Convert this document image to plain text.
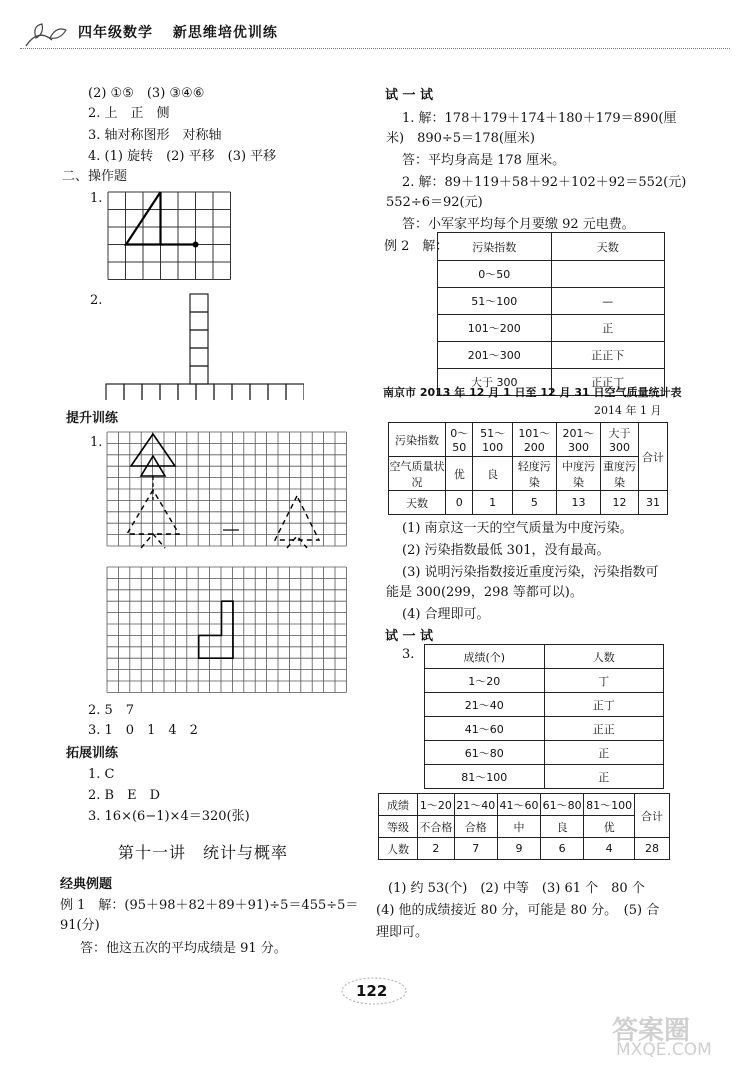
四年级数学 新思维培优训练
(2) ①⑤　(3) ③④⑥
2. 上　正　侧
3. 轴对称图形　对称轴
4. (1) 旋转　(2) 平移　(3) 平移
二、操作题
1.
2.
提升训练
1.
2. 5　7
3. 1　0　1　4　2
拓展训练
1. C
2. B　E　D
3. 16×(6−1)×4＝320(张)
第十一讲　统计与概率
经典例题
例 1　解：(95＋98＋82＋89＋91)÷5＝455÷5＝
91(分)
答：他这五次的平均成绩是 91 分。
试 一 试
1. 解：178＋179＋174＋180＋179＝890(厘
米)　890÷5＝178(厘米)
答：平均身高是 178 厘米。
2. 解：89＋119＋58＋92＋102＋92＝552(元)
552÷6＝92(元)
答：小军家平均每个月要缴 92 元电费。
例 2　解： 污染指数	天数
0～50	
51～100	—
101～200	正
201～300	正正下
大于 300	正正丁
南京市 2013 年 12 月 1 日至 12 月 31 日空气质量统计表
2014 年 1 月
污染指数	0～50	51～100	101～200	201～300	大于300	合计
空气质量状况	优	良	轻度污染	中度污染	重度污染	
天数	0	1	5	13	12	31
(1) 南京这一天的空气质量为中度污染。
(2) 污染指数最低 301，没有最高。
(3) 说明污染指数接近重度污染，污染指数可
能是 300(299，298 等都可以)。
(4) 合理即可。
试 一 试
3.	成绩(个)	人数
1～20	丁
21～40	正丁
41～60	正正
61～80	正
81～100	正
成绩	1～20	21～40	41～60	61～80	81～100	合计
等级	不合格	合格	中	良	优	
人数	2	7	9	6	4	28
(1) 约 53(个)　(2) 中等　(3) 61 个　80 个
(4) 他的成绩接近 80 分，可能是 80 分。　(5) 合
理即可。
122
答案圈
MXQE.COM
